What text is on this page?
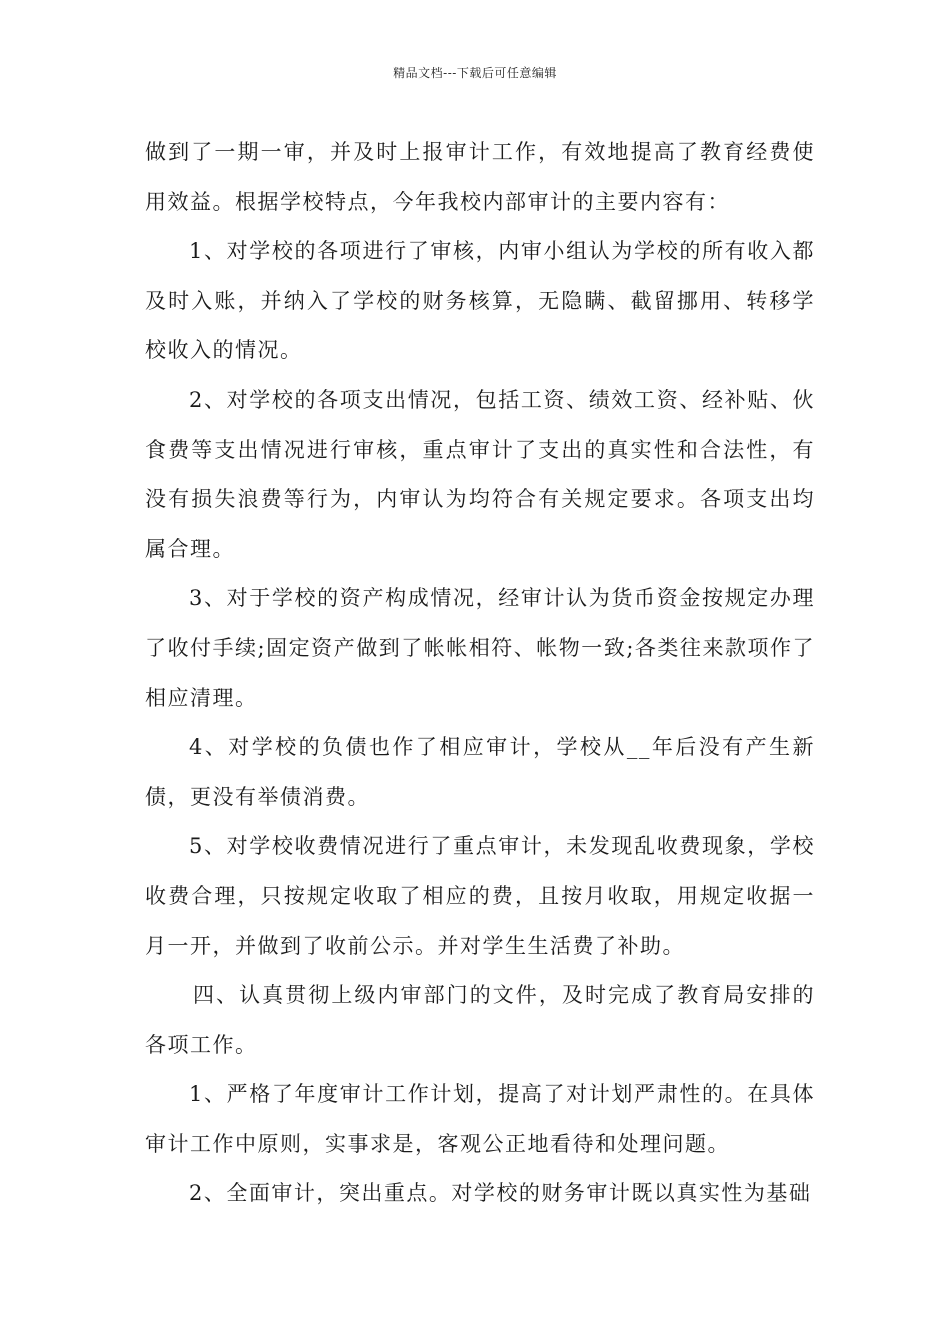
精品文档---下载后可任意编辑

做到了一期一审，并及时上报审计工作，有效地提高了教育经费使用效益。根据学校特点，今年我校内部审计的主要内容有：

1、对学校的各项进行了审核，内审小组认为学校的所有收入都及时入账，并纳入了学校的财务核算，无隐瞒、截留挪用、转移学校收入的情况。

2、对学校的各项支出情况，包括工资、绩效工资、经补贴、伙食费等支出情况进行审核，重点审计了支出的真实性和合法性，有没有损失浪费等行为，内审认为均符合有关规定要求。各项支出均属合理。

3、对于学校的资产构成情况，经审计认为货币资金按规定办理了收付手续;固定资产做到了帐帐相符、帐物一致;各类往来款项作了相应清理。

4、对学校的负债也作了相应审计，学校从__年后没有产生新债，更没有举债消费。

5、对学校收费情况进行了重点审计，未发现乱收费现象，学校收费合理，只按规定收取了相应的费，且按月收取，用规定收据一月一开，并做到了收前公示。并对学生生活费了补助。

四、认真贯彻上级内审部门的文件，及时完成了教育局安排的各项工作。

1、严格了年度审计工作计划，提高了对计划严肃性的。在具体审计工作中原则，实事求是，客观公正地看待和处理问题。

2、全面审计，突出重点。对学校的财务审计既以真实性为基础
